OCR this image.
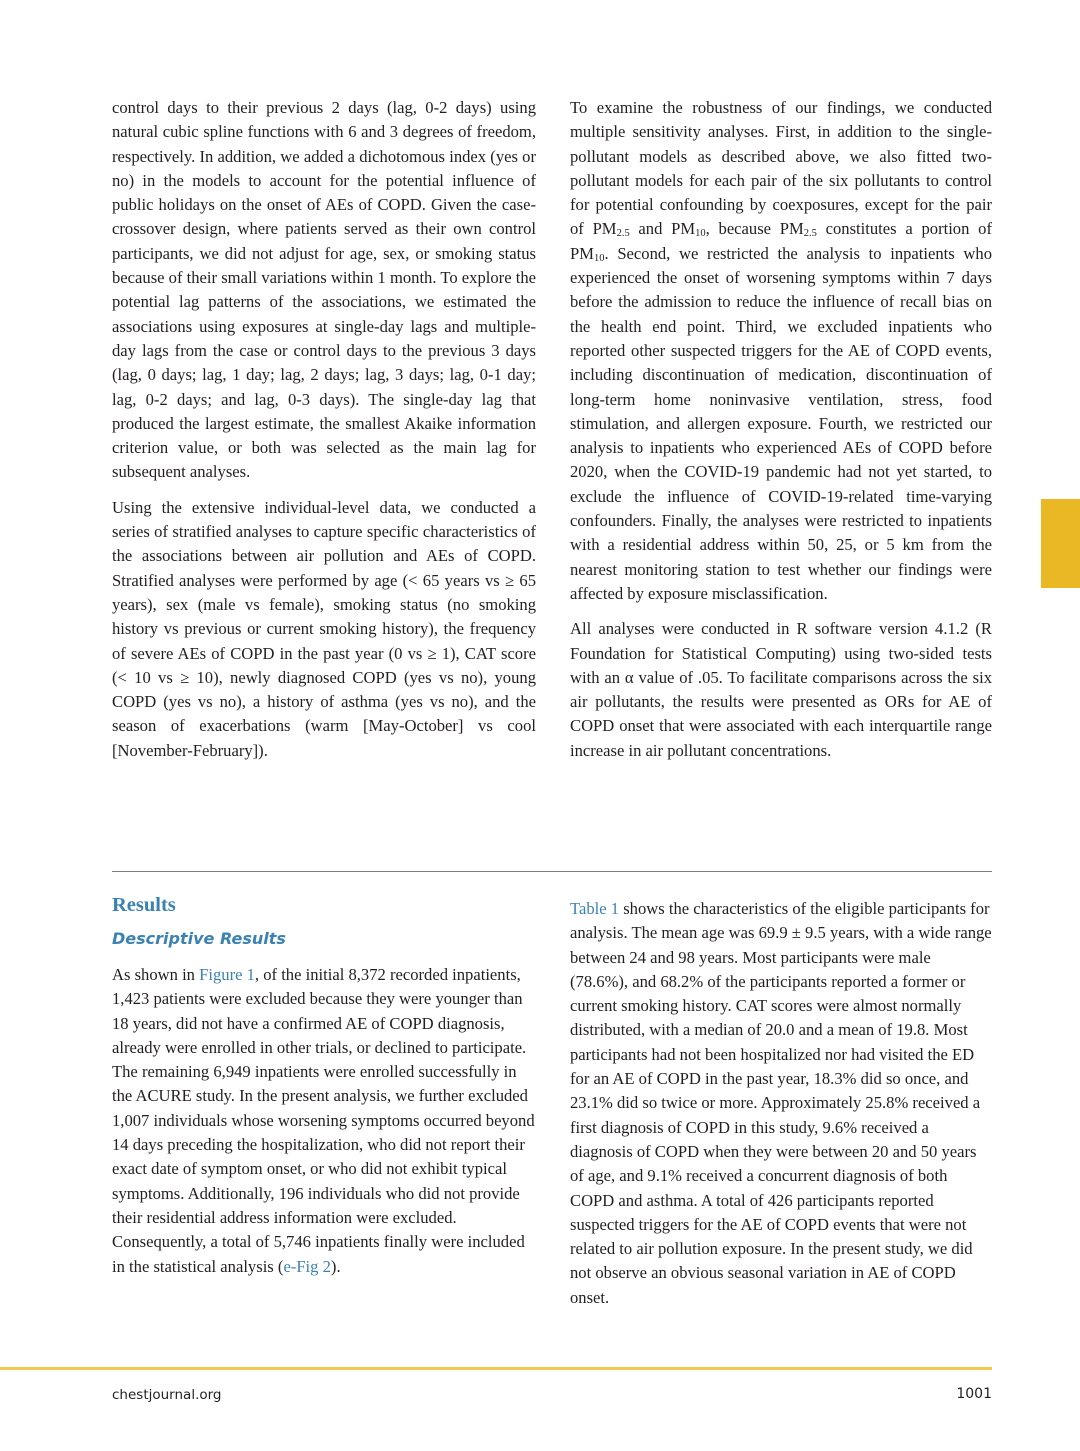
control days to their previous 2 days (lag, 0-2 days) using natural cubic spline functions with 6 and 3 degrees of freedom, respectively. In addition, we added a dichotomous index (yes or no) in the models to account for the potential influence of public holidays on the onset of AEs of COPD. Given the case-crossover design, where patients served as their own control participants, we did not adjust for age, sex, or smoking status because of their small variations within 1 month. To explore the potential lag patterns of the associations, we estimated the associations using exposures at single-day lags and multiple-day lags from the case or control days to the previous 3 days (lag, 0 days; lag, 1 day; lag, 2 days; lag, 3 days; lag, 0-1 day; lag, 0-2 days; and lag, 0-3 days). The single-day lag that produced the largest estimate, the smallest Akaike information criterion value, or both was selected as the main lag for subsequent analyses.

Using the extensive individual-level data, we conducted a series of stratified analyses to capture specific characteristics of the associations between air pollution and AEs of COPD. Stratified analyses were performed by age (< 65 years vs ≥ 65 years), sex (male vs female), smoking status (no smoking history vs previous or current smoking history), the frequency of severe AEs of COPD in the past year (0 vs ≥ 1), CAT score (< 10 vs ≥ 10), newly diagnosed COPD (yes vs no), young COPD (yes vs no), a history of asthma (yes vs no), and the season of exacerbations (warm [May-October] vs cool [November-February]).

To examine the robustness of our findings, we conducted multiple sensitivity analyses. First, in addition to the single-pollutant models as described above, we also fitted two-pollutant models for each pair of the six pollutants to control for potential confounding by coexposures, except for the pair of $PM_{2.5}$ and $PM_{10}$, because $PM_{2.5}$ constitutes a portion of $PM_{10}$. Second, we restricted the analysis to inpatients who experienced the onset of worsening symptoms within 7 days before the admission to reduce the influence of recall bias on the health end point. Third, we excluded inpatients who reported other suspected triggers for the AE of COPD events, including discontinuation of medication, discontinuation of long-term home noninvasive ventilation, stress, food stimulation, and allergen exposure. Fourth, we restricted our analysis to inpatients who experienced AEs of COPD before 2020, when the COVID-19 pandemic had not yet started, to exclude the influence of COVID-19-related time-varying confounders. Finally, the analyses were restricted to inpatients with a residential address within 50, 25, or 5 km from the nearest monitoring station to test whether our findings were affected by exposure misclassification.

All analyses were conducted in R software version 4.1.2 (R Foundation for Statistical Computing) using two-sided tests with an α value of .05. To facilitate comparisons across the six air pollutants, the results were presented as ORs for AE of COPD onset that were associated with each interquartile range increase in air pollutant concentrations.

Results
Descriptive Results

As shown in Figure 1, of the initial 8,372 recorded inpatients, 1,423 patients were excluded because they were younger than 18 years, did not have a confirmed AE of COPD diagnosis, already were enrolled in other trials, or declined to participate. The remaining 6,949 inpatients were enrolled successfully in the ACURE study. In the present analysis, we further excluded 1,007 individuals whose worsening symptoms occurred beyond 14 days preceding the hospitalization, who did not report their exact date of symptom onset, or who did not exhibit typical symptoms. Additionally, 196 individuals who did not provide their residential address information were excluded. Consequently, a total of 5,746 inpatients finally were included in the statistical analysis (e-Fig 2).

Table 1 shows the characteristics of the eligible participants for analysis. The mean age was 69.9 ± 9.5 years, with a wide range between 24 and 98 years. Most participants were male (78.6%), and 68.2% of the participants reported a former or current smoking history. CAT scores were almost normally distributed, with a median of 20.0 and a mean of 19.8. Most participants had not been hospitalized nor had visited the ED for an AE of COPD in the past year, 18.3% did so once, and 23.1% did so twice or more. Approximately 25.8% received a first diagnosis of COPD in this study, 9.6% received a diagnosis of COPD when they were between 20 and 50 years of age, and 9.1% received a concurrent diagnosis of both COPD and asthma. A total of 426 participants reported suspected triggers for the AE of COPD events that were not related to air pollution exposure. In the present study, we did not observe an obvious seasonal variation in AE of COPD onset.

chestjournal.org	1001
